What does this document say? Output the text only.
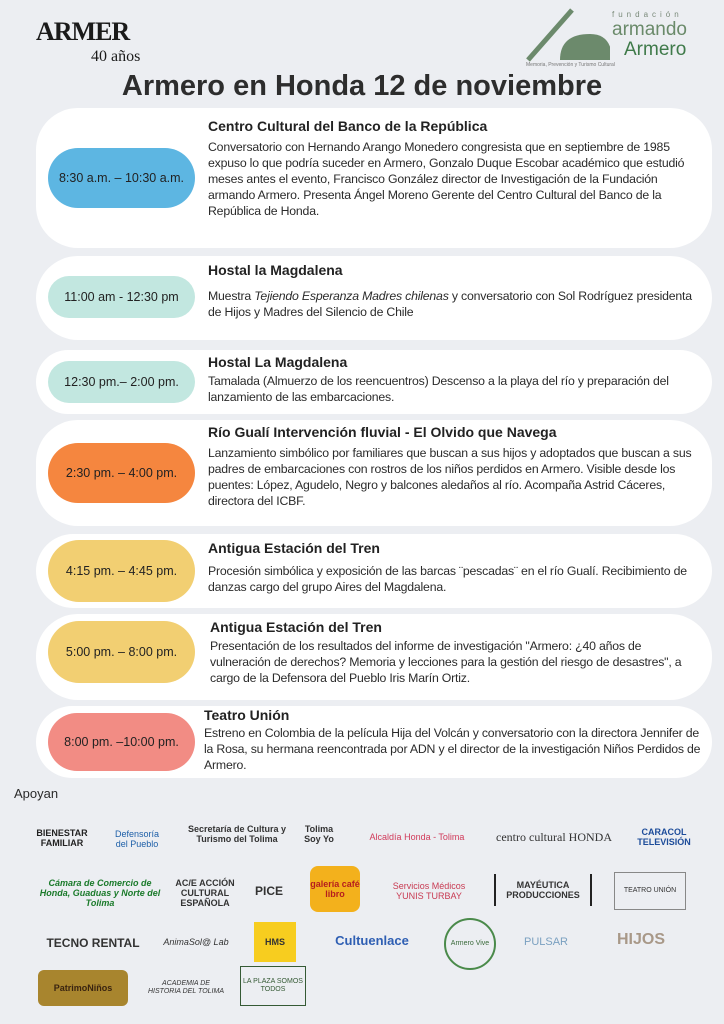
ARMER
40 años
fundación
armando
Armero
Memoria, Prevención y Turismo Cultural
Armero en Honda 12 de noviembre
8:30 a.m. – 10:30 a.m.
Centro Cultural del Banco de la República

Conversatorio con Hernando Arango Monedero congresista que en septiembre de 1985 expuso lo que podría suceder en Armero, Gonzalo Duque Escobar académico que estudió meses antes el evento, Francisco González director de Investigación de la Fundación armando Armero. Presenta Ángel Moreno Gerente del Centro Cultural del Banco de la República de Honda.

11:00 am - 12:30 pm
Hostal la Magdalena

Muestra Tejiendo Esperanza Madres chilenas y conversatorio con Sol Rodríguez presidenta de Hijos y Madres del Silencio de Chile

12:30 pm.– 2:00 pm.
Hostal La Magdalena

Tamalada (Almuerzo de los reencuentros) Descenso a la playa del río y preparación del lanzamiento de las embarcaciones.

2:30 pm. – 4:00 pm.
Río Gualí Intervención fluvial - El Olvido que Navega

Lanzamiento simbólico por familiares que buscan a sus hijos y adoptados que buscan a sus padres de embarcaciones con rostros de los niños perdidos en Armero. Visible desde los puentes: López, Agudelo, Negro y balcones aledaños al río. Acompaña Astrid Cáceres, directora del ICBF.

4:15 pm. – 4:45 pm.
Antigua Estación del Tren

Procesión simbólica y exposición de las barcas ¨pescadas¨ en el río Gualí. Recibimiento de danzas cargo del grupo Aires del Magdalena.

5:00 pm. – 8:00 pm.
Antigua Estación del Tren

Presentación de los resultados del informe de investigación "Armero: ¿40 años de vulneración de derechos? Memoria y lecciones para la gestión del riesgo de desastres", a cargo de la Defensora del Pueblo Iris Marín Ortiz.

8:00 pm. –10:00 pm.
Teatro Unión

Estreno en Colombia de la película Hija del Volcán y conversatorio con la directora Jennifer de la Rosa, su hermana reencontrada por ADN y el director de la investigación Niños Perdidos de Armero.

Apoyan
BIENESTAR FAMILIAR
Defensoría del Pueblo
Secretaría de Cultura y Turismo del Tolima
Tolima Soy Yo	Alcaldía Honda - Tolima	centro cultural HONDA	CARACOL TELEVISIÓN
Cámara de Comercio de Honda, Guaduas y Norte del Tolima
AC/E ACCIÓN CULTURAL ESPAÑOLA
PICE	galería café libro
Servicios Médicos YUNIS TURBAY
MAYÉUTICA PRODUCCIONES	TEATRO UNIÓN
TECNO RENTAL	AnimaSol@ Lab	HMS	Cultuenlace	Armero Vive	PULSAR	HIJOS
PatrimoNiños	ACADEMIA DE HISTORIA DEL TOLIMA
LA PLAZA SOMOS TODOS
